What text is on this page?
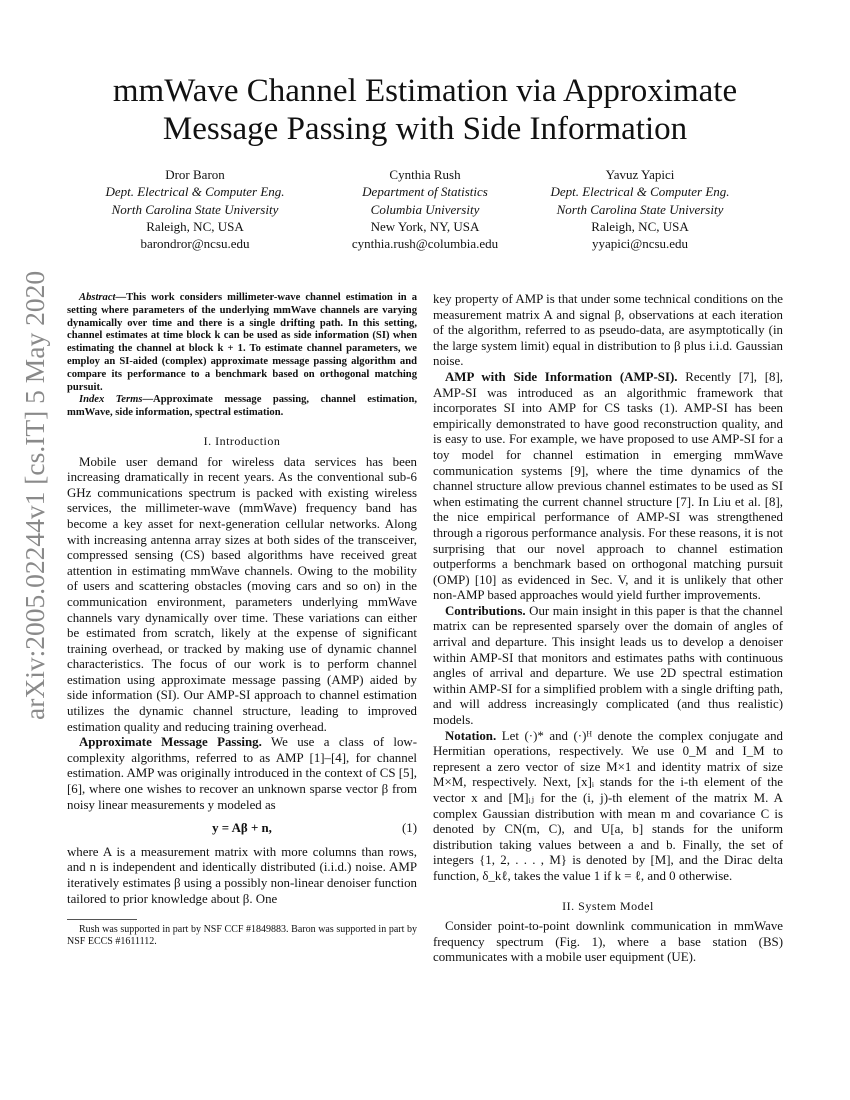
arXiv:2005.02244v1 [cs.IT] 5 May 2020
mmWave Channel Estimation via Approximate
Message Passing with Side Information
Dror Baron
Dept. Electrical & Computer Eng.
North Carolina State University
Raleigh, NC, USA
barondror@ncsu.edu
Cynthia Rush
Department of Statistics
Columbia University
New York, NY, USA
cynthia.rush@columbia.edu
Yavuz Yapici
Dept. Electrical & Computer Eng.
North Carolina State University
Raleigh, NC, USA
yyapici@ncsu.edu

Abstract—This work considers millimeter-wave channel estimation in a setting where parameters of the underlying mmWave channels are varying dynamically over time and there is a single drifting path. In this setting, channel estimates at time block k can be used as side information (SI) when estimating the channel at block k + 1. To estimate channel parameters, we employ an SI-aided (complex) approximate message passing algorithm and compare its performance to a benchmark based on orthogonal matching pursuit.

Index Terms—Approximate message passing, channel estimation, mmWave, side information, spectral estimation.

I. Introduction

Mobile user demand for wireless data services has been increasing dramatically in recent years. As the conventional sub-6 GHz communications spectrum is packed with existing wireless services, the millimeter-wave (mmWave) frequency band has become a key asset for next-generation cellular networks. Along with increasing antenna array sizes at both sides of the transceiver, compressed sensing (CS) based algorithms have received great attention in estimating mmWave channels. Owing to the mobility of users and scattering obstacles (moving cars and so on) in the communication environment, parameters underlying mmWave channels vary dynamically over time. These variations can either be estimated from scratch, likely at the expense of significant training overhead, or tracked by making use of dynamic channel characteristics. The focus of our work is to perform channel estimation using approximate message passing (AMP) aided by side information (SI). Our AMP-SI approach to channel estimation utilizes the dynamic channel structure, leading to improved estimation quality and reducing training overhead.

Approximate Message Passing. We use a class of low-complexity algorithms, referred to as AMP [1]–[4], for channel estimation. AMP was originally introduced in the context of CS [5], [6], where one wishes to recover an unknown sparse vector β from noisy linear measurements y modeled as

y = Aβ + n,	(1)

where A is a measurement matrix with more columns than rows, and n is independent and identically distributed (i.i.d.) noise. AMP iteratively estimates β using a possibly non-linear denoiser function tailored to prior knowledge about β. One

Rush was supported in part by NSF CCF #1849883. Baron was supported in part by NSF ECCS #1611112.

key property of AMP is that under some technical conditions on the measurement matrix A and signal β, observations at each iteration of the algorithm, referred to as pseudo-data, are asymptotically (in the large system limit) equal in distribution to β plus i.i.d. Gaussian noise.

AMP with Side Information (AMP-SI). Recently [7], [8], AMP-SI was introduced as an algorithmic framework that incorporates SI into AMP for CS tasks (1). AMP-SI has been empirically demonstrated to have good reconstruction quality, and is easy to use. For example, we have proposed to use AMP-SI for a toy model for channel estimation in emerging mmWave communication systems [9], where the time dynamics of the channel structure allow previous channel estimates to be used as SI when estimating the current channel structure [7]. In Liu et al. [8], the nice empirical performance of AMP-SI was strengthened through a rigorous performance analysis. For these reasons, it is not surprising that our novel approach to channel estimation outperforms a benchmark based on orthogonal matching pursuit (OMP) [10] as evidenced in Sec. V, and it is unlikely that other non-AMP based approaches would yield further improvements.

Contributions. Our main insight in this paper is that the channel matrix can be represented sparsely over the domain of angles of arrival and departure. This insight leads us to develop a denoiser within AMP-SI that monitors and estimates paths with continuous angles of arrival and departure. We use 2D spectral estimation within AMP-SI for a simplified problem with a single drifting path, and will address increasingly complicated (and thus realistic) models.

Notation. Let (·)* and (·)ᴴ denote the complex conjugate and Hermitian operations, respectively. We use 0_M and I_M to represent a zero vector of size M×1 and identity matrix of size M×M, respectively. Next, [x]ᵢ stands for the i-th element of the vector x and [M]ᵢⱼ for the (i, j)-th element of the matrix M. A complex Gaussian distribution with mean m and covariance C is denoted by CN(m, C), and U[a, b] stands for the uniform distribution taking values between a and b. Finally, the set of integers {1, 2, . . . , M} is denoted by [M], and the Dirac delta function, δ_kℓ, takes the value 1 if k = ℓ, and 0 otherwise.

II. System Model

Consider point-to-point downlink communication in mmWave frequency spectrum (Fig. 1), where a base station (BS) communicates with a mobile user equipment (UE).
